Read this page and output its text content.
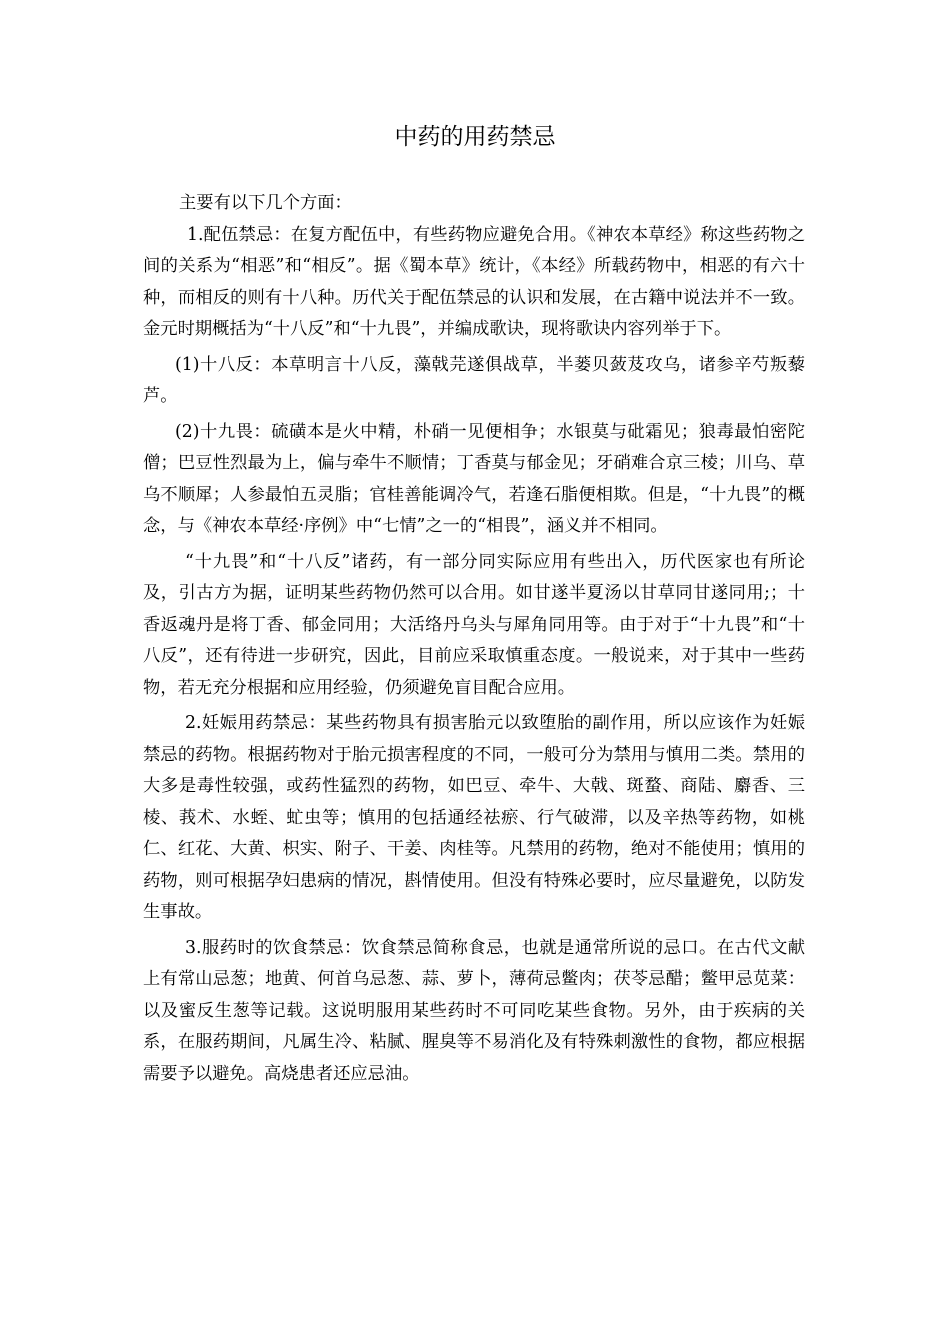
中药的用药禁忌

主要有以下几个方面：

1.配伍禁忌：在复方配伍中，有些药物应避免合用。《神农本草经》称这些药物之间的关系为“相恶”和“相反”。据《蜀本草》统计，《本经》所载药物中，相恶的有六十种，而相反的则有十八种。历代关于配伍禁忌的认识和发展，在古籍中说法并不一致。金元时期概括为“十八反”和“十九畏”，并编成歌诀，现将歌诀内容列举于下。

(1)十八反：本草明言十八反，藻戟芫遂俱战草，半蒌贝蔹芨攻乌，诸参辛芍叛藜芦。

(2)十九畏：硫磺本是火中精，朴硝一见便相争；水银莫与砒霜见；狼毒最怕密陀僧；巴豆性烈最为上，偏与牵牛不顺情；丁香莫与郁金见；牙硝难合京三棱；川乌、草乌不顺犀；人参最怕五灵脂；官桂善能调冷气，若逢石脂便相欺。但是，“十九畏”的概念，与《神农本草经·序例》中“七情”之一的“相畏”，涵义并不相同。

“十九畏”和“十八反”诸药，有一部分同实际应用有些出入，历代医家也有所论及，引古方为据，证明某些药物仍然可以合用。如甘遂半夏汤以甘草同甘遂同用;；十香返魂丹是将丁香、郁金同用；大活络丹乌头与犀角同用等。由于对于“十九畏”和“十八反”，还有待进一步研究，因此，目前应采取慎重态度。一般说来，对于其中一些药物，若无充分根据和应用经验，仍须避免盲目配合应用。

2.妊娠用药禁忌：某些药物具有损害胎元以致堕胎的副作用，所以应该作为妊娠禁忌的药物。根据药物对于胎元损害程度的不同，一般可分为禁用与慎用二类。禁用的大多是毒性较强，或药性猛烈的药物，如巴豆、牵牛、大戟、斑蝥、商陆、麝香、三棱、莪术、水蛭、虻虫等；慎用的包括通经祛瘀、行气破滞，以及辛热等药物，如桃仁、红花、大黄、枳实、附子、干姜、肉桂等。凡禁用的药物，绝对不能使用；慎用的药物，则可根据孕妇患病的情况，斟情使用。但没有特殊必要时，应尽量避免，以防发生事故。

3.服药时的饮食禁忌：饮食禁忌简称食忌，也就是通常所说的忌口。在古代文献上有常山忌葱；地黄、何首乌忌葱、蒜、萝卜，薄荷忌鳖肉；茯苓忌醋；鳖甲忌苋菜：以及蜜反生葱等记载。这说明服用某些药时不可同吃某些食物。另外，由于疾病的关系，在服药期间，凡属生冷、粘腻、腥臭等不易消化及有特殊刺激性的食物，都应根据需要予以避免。高烧患者还应忌油。
